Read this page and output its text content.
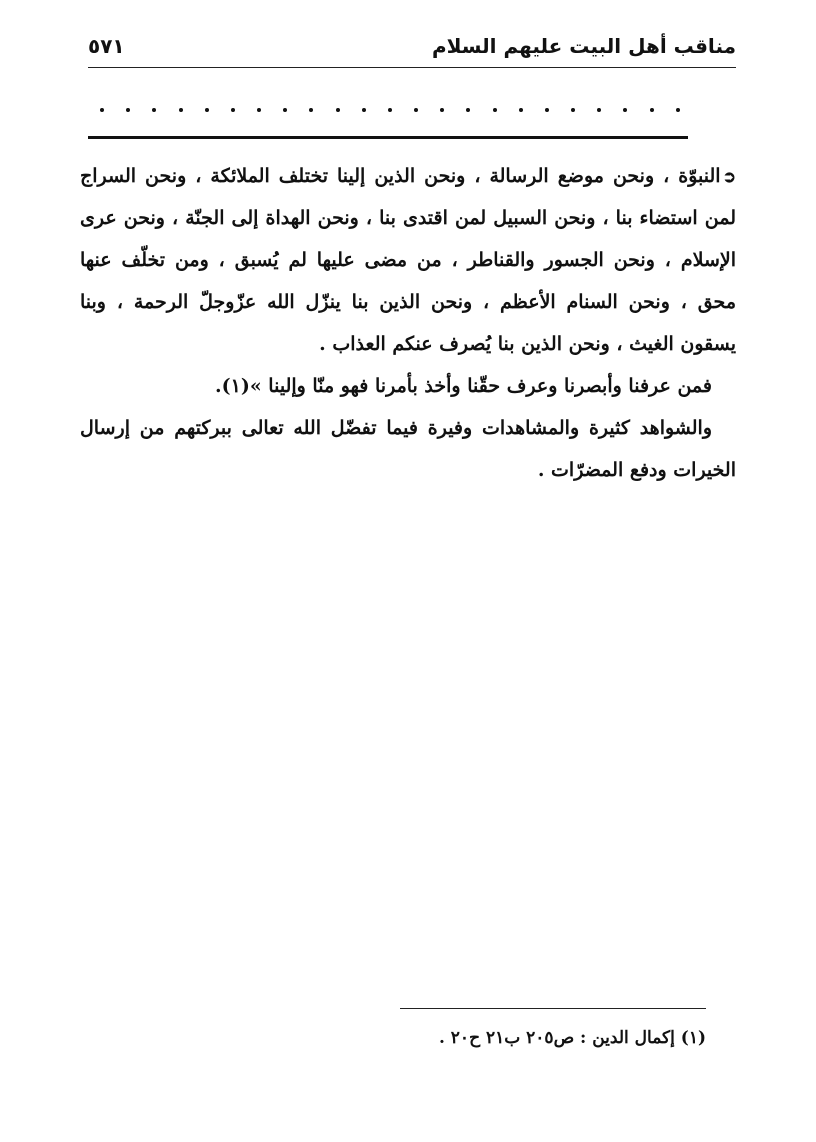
مناقب أهل البيت عليهم السلام
٥٧١
➲النبوّة ، ونحن موضع الرسالة ، ونحن الذين إلينا تختلف الملائكة ، ونحن السراج
لمن استضاء بنا ، ونحن السبيل لمن اقتدى بنا ، ونحن الهداة إلى الجنّة ، ونحن عرى
الإسلام ، ونحن الجسور والقناطر ، من مضى عليها لم يُسبق ، ومن تخلّف عنها
محق ، ونحن السنام الأعظم ، ونحن الذين بنا ينزّل الله عزّوجلّ الرحمة ، وبنا
يسقون الغيث ، ونحن الذين بنا يُصرف عنكم العذاب .
فمن عرفنا وأبصرنا وعرف حقّنا وأخذ بأمرنا فهو منّا وإلينا »(١).
والشواهد كثيرة والمشاهدات وفيرة فيما تفضّل الله تعالى ببركتهم من إرسال
الخيرات ودفع المضرّات .
(١) إكمال الدين : ص٢٠٥ ب٢١ ح٢٠ .
